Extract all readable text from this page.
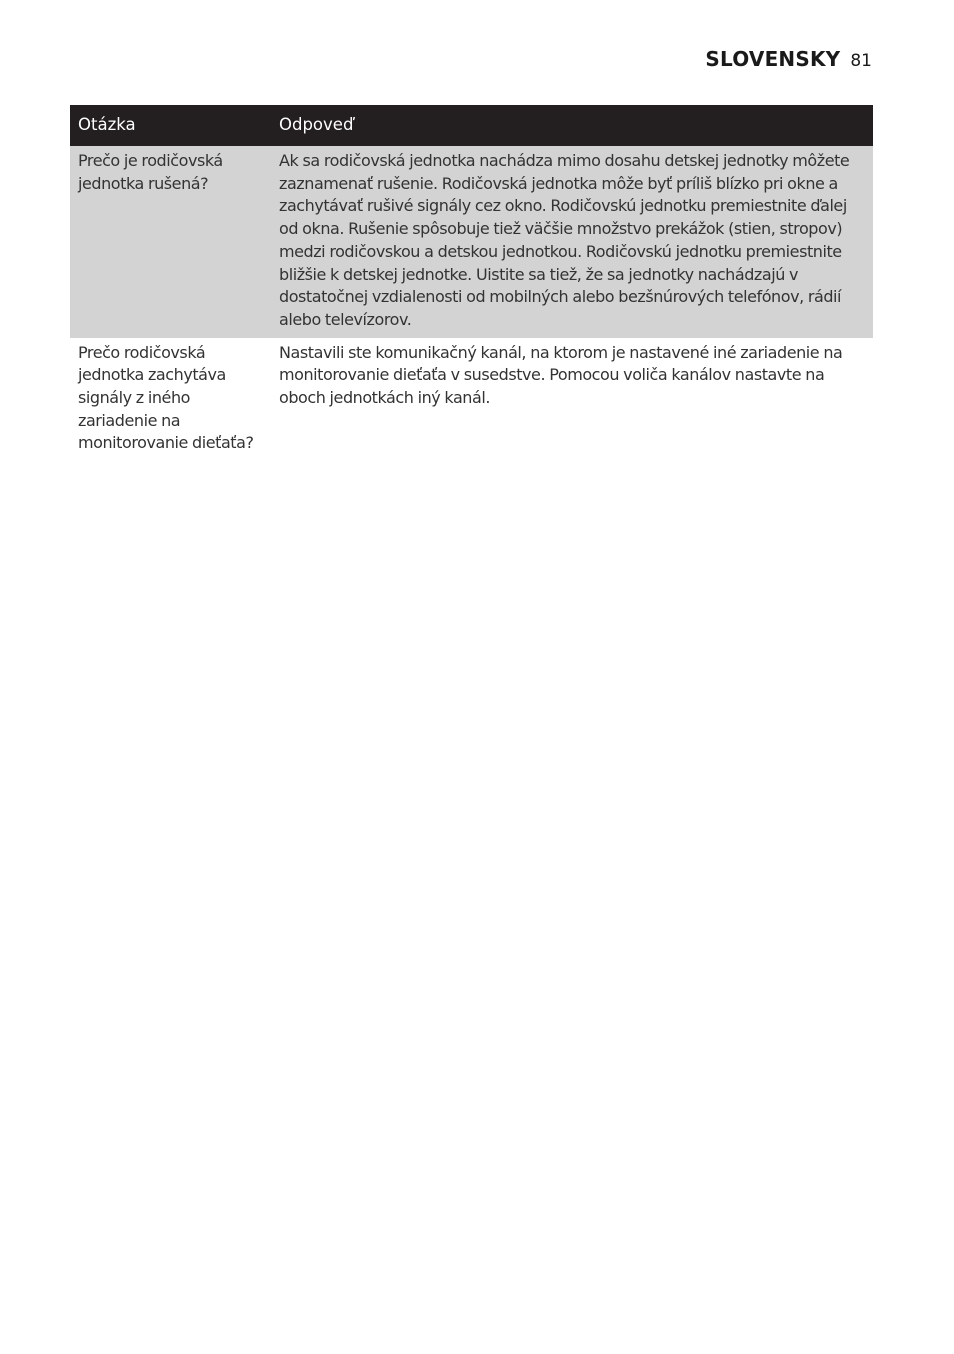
SLOVENSKY 81
Otázka	Odpoveď
Prečo je rodičovská jednotka rušená?	Ak sa rodičovská jednotka nachádza mimo dosahu detskej jednotky môžete zaznamenať rušenie. Rodičovská jednotka môže byť príliš blízko pri okne a zachytávať rušivé signály cez okno. Rodičovskú jednotku premiestnite ďalej od okna. Rušenie spôsobuje tiež väčšie množstvo prekážok (stien, stropov) medzi rodičovskou a detskou jednotkou. Rodičovskú jednotku premiestnite bližšie k detskej jednotke. Uistite sa tiež, že sa jednotky nachádzajú v dostatočnej vzdialenosti od mobilných alebo bezšnúrových telefónov, rádií alebo televízorov.
Prečo rodičovská jednotka zachytáva signály z iného zariadenie na monitorovanie dieťaťa?	Nastavili ste komunikačný kanál, na ktorom je nastavené iné zariadenie na monitorovanie dieťaťa v susedstve. Pomocou voliča kanálov nastavte na oboch jednotkách iný kanál.
